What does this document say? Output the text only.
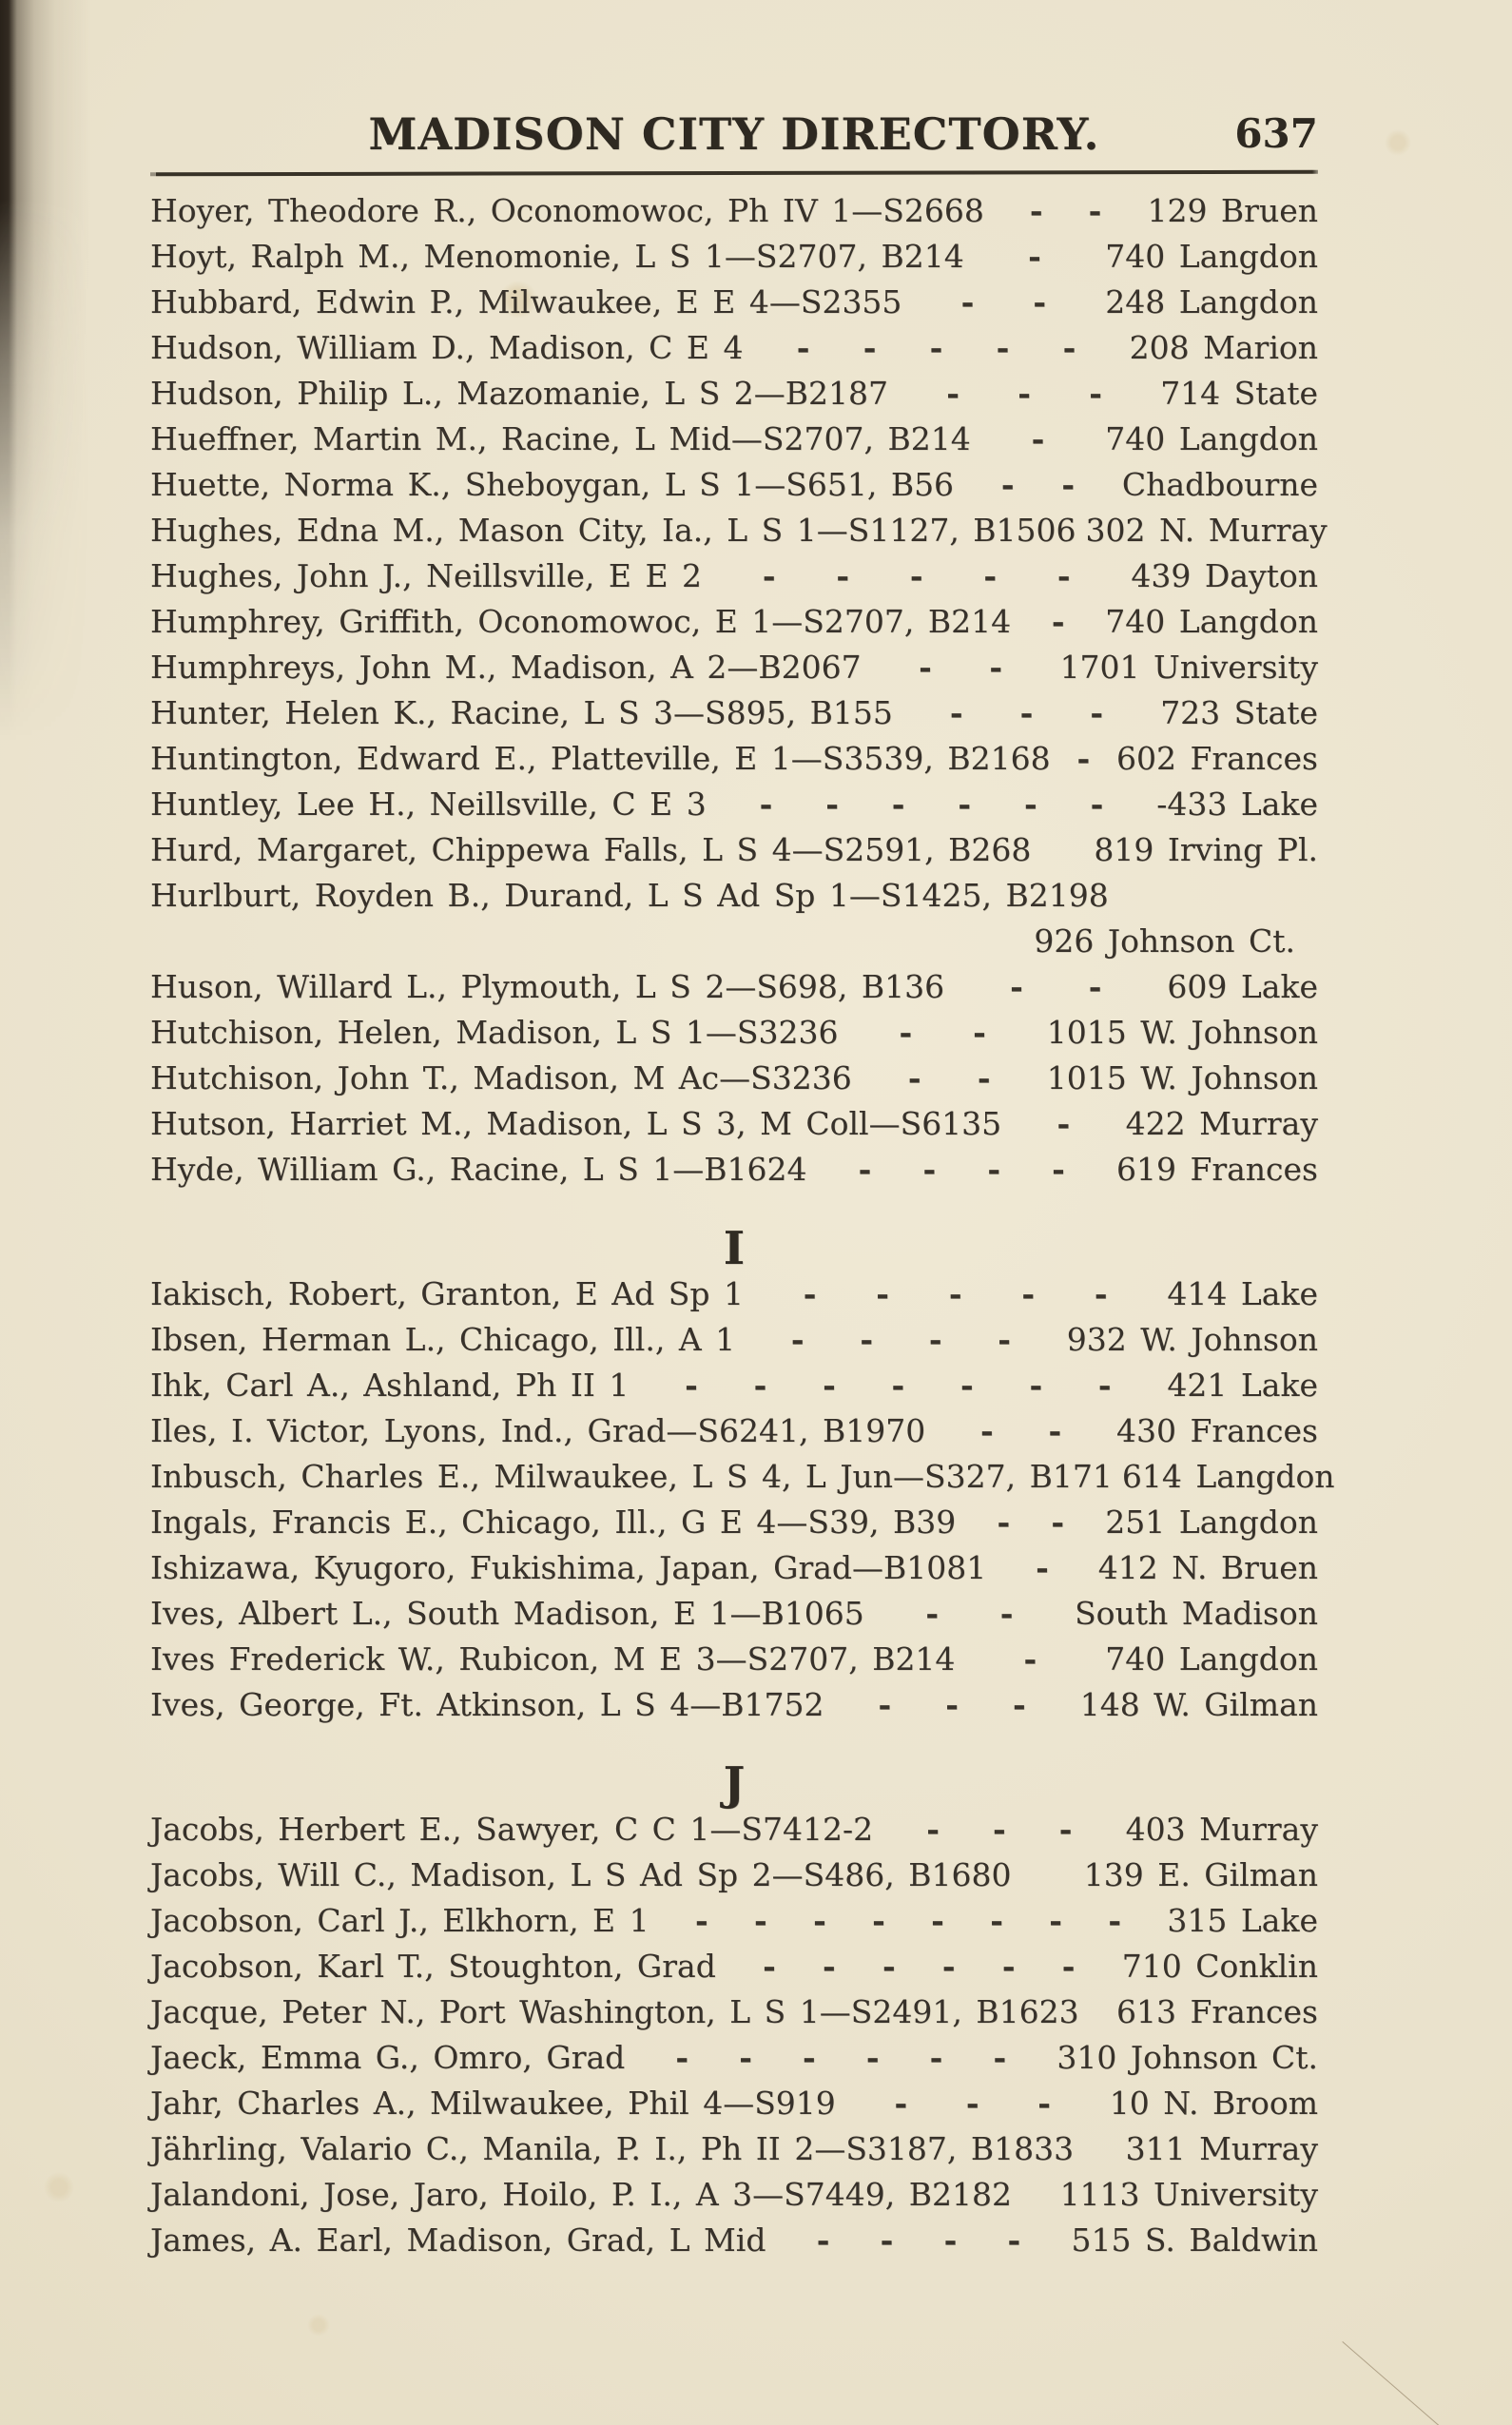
MADISON CITY DIRECTORY.	637
Hoyer, Theodore R., Oconomowoc, Ph IV 1—S2668 - - 129 Bruen
Hoyt, Ralph M., Menomonie, L S 1—S2707, B214 - 740 Langdon
Hubbard, Edwin P., Milwaukee, E E 4—S2355 - - 248 Langdon
Hudson, William D., Madison, C E 4 - - - - - 208 Marion
Hudson, Philip L., Mazomanie, L S 2—B2187 - - - 714 State
Hueffner, Martin M., Racine, L Mid—S2707, B214 - 740 Langdon
Huette, Norma K., Sheboygan, L S 1—S651, B56 - - Chadbourne
Hughes, Edna M., Mason City, Ia., L S 1—S1127, B1506 302 N. Murray
Hughes, John J., Neillsville, E E 2 - - - - - 439 Dayton
Humphrey, Griffith, Oconomowoc, E 1—S2707, B214 - 740 Langdon
Humphreys, John M., Madison, A 2—B2067 - - 1701 University
Hunter, Helen K., Racine, L S 3—S895, B155 - - - 723 State
Huntington, Edward E., Platteville, E 1—S3539, B2168 - 602 Frances
Huntley, Lee H., Neillsville, C E 3 - - - - - - -433 Lake
Hurd, Margaret, Chippewa Falls, L S 4—S2591, B268 819 Irving Pl.
Hurlburt, Royden B., Durand, L S Ad Sp 1—S1425, B2198
926 Johnson Ct.
Huson, Willard L., Plymouth, L S 2—S698, B136 - - 609 Lake
Hutchison, Helen, Madison, L S 1—S3236 - - 1015 W. Johnson
Hutchison, John T., Madison, M Ac—S3236 - - 1015 W. Johnson
Hutson, Harriet M., Madison, L S 3, M Coll—S6135 - 422 Murray
Hyde, William G., Racine, L S 1—B1624 - - - - 619 Frances
I
Iakisch, Robert, Granton, E Ad Sp 1 - - - - - 414 Lake
Ibsen, Herman L., Chicago, Ill., A 1 - - - - 932 W. Johnson
Ihk, Carl A., Ashland, Ph II 1 - - - - - - - 421 Lake
Iles, I. Victor, Lyons, Ind., Grad—S6241, B1970 - - 430 Frances
Inbusch, Charles E., Milwaukee, L S 4, L Jun—S327, B171 614 Langdon
Ingals, Francis E., Chicago, Ill., G E 4—S39, B39 - - 251 Langdon
Ishizawa, Kyugoro, Fukishima, Japan, Grad—B1081 - 412 N. Bruen
Ives, Albert L., South Madison, E 1—B1065 - - South Madison
Ives Frederick W., Rubicon, M E 3—S2707, B214 - 740 Langdon
Ives, George, Ft. Atkinson, L S 4—B1752 - - - 148 W. Gilman
J
Jacobs, Herbert E., Sawyer, C C 1—S7412-2 - - - 403 Murray
Jacobs, Will C., Madison, L S Ad Sp 2—S486, B1680 139 E. Gilman
Jacobson, Carl J., Elkhorn, E 1 - - - - - - - - 315 Lake
Jacobson, Karl T., Stoughton, Grad - - - - - - 710 Conklin
Jacque, Peter N., Port Washington, L S 1—S2491, B1623 613 Frances
Jaeck, Emma G., Omro, Grad - - - - - - 310 Johnson Ct.
Jahr, Charles A., Milwaukee, Phil 4—S919 - - - 10 N. Broom
Jährling, Valario C., Manila, P. I., Ph II 2—S3187, B1833 311 Murray
Jalandoni, Jose, Jaro, Hoilo, P. I., A 3—S7449, B2182 1113 University
James, A. Earl, Madison, Grad, L Mid - - - - 515 S. Baldwin
